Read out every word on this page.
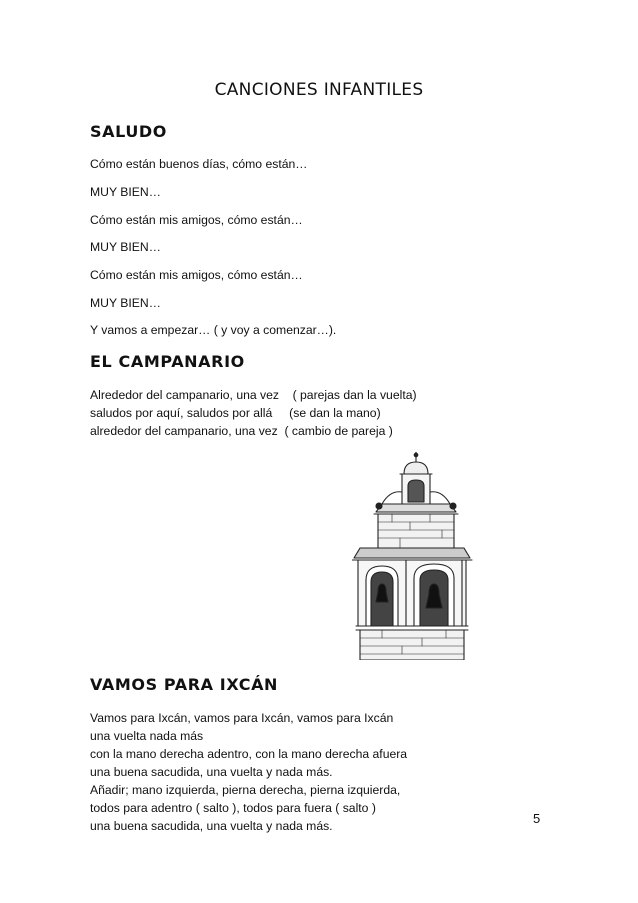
CANCIONES INFANTILES
SALUDO
Cómo están buenos días, cómo están…
MUY BIEN…
Cómo están mis amigos, cómo están…
MUY BIEN…
Cómo están mis amigos, cómo están…
MUY BIEN…
Y vamos a empezar… ( y voy a comenzar…).
EL CAMPANARIO
Alrededor del campanario, una vez    ( parejas dan la vuelta)
saludos por aquí, saludos por allá     (se dan la mano)
alrededor del campanario, una vez  ( cambio de pareja )
VAMOS PARA IXCÁN
Vamos para Ixcán, vamos para Ixcán, vamos para Ixcán
una vuelta nada más
con la mano derecha adentro, con la mano derecha afuera
una buena sacudida, una vuelta y nada más.
Añadir; mano izquierda, pierna derecha, pierna izquierda,
todos para adentro ( salto ), todos para fuera ( salto )
una buena sacudida, una vuelta y nada más.	5
